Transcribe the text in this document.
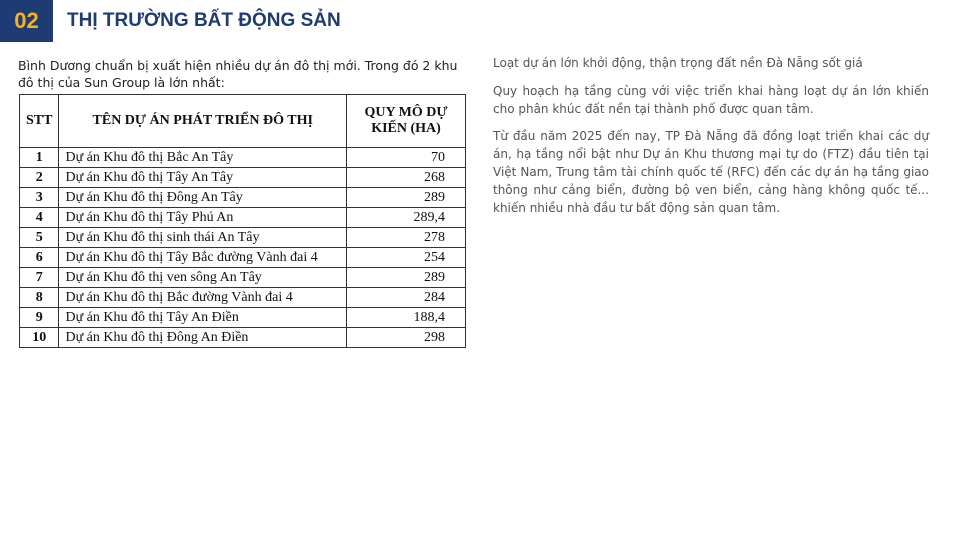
02	THỊ TRƯỜNG BẤT ĐỘNG SẢN
Bình Dương chuẩn bị xuất hiện nhiều dự án đô thị mới. Trong đó 2 khu đô thị của Sun Group là lớn nhất:
STT	TÊN DỰ ÁN PHÁT TRIỂN ĐÔ THỊ	QUY MÔ DỰ KIẾN (HA)
1	Dự án Khu đô thị Bắc An Tây	70
2	Dự án Khu đô thị Tây An Tây	268
3	Dự án Khu đô thị Đông An Tây	289
4	Dự án Khu đô thị Tây Phú An	289,4
5	Dự án Khu đô thị sinh thái An Tây	278
6	Dự án Khu đô thị Tây Bắc đường Vành đai 4	254
7	Dự án Khu đô thị ven sông An Tây	289
8	Dự án Khu đô thị Bắc đường Vành đai 4	284
9	Dự án Khu đô thị Tây An Điền	188,4
10	Dự án Khu đô thị Đông An Điền	298

Loạt dự án lớn khởi động, thận trọng đất nền Đà Nẵng sốt giá

Quy hoạch hạ tầng cùng với việc triển khai hàng loạt dự án lớn khiến cho phân khúc đất nền tại thành phố được quan tâm.

Từ đầu năm 2025 đến nay, TP Đà Nẵng đã đồng loạt triển khai các dự án, hạ tầng nổi bật như Dự án Khu thương mại tự do (FTZ) đầu tiên tại Việt Nam, Trung tâm tài chính quốc tế (RFC) đến các dự án hạ tầng giao thông như cảng biển, đường bộ ven biển, cảng hàng không quốc tế... khiến nhiều nhà đầu tư bất động sản quan tâm.
